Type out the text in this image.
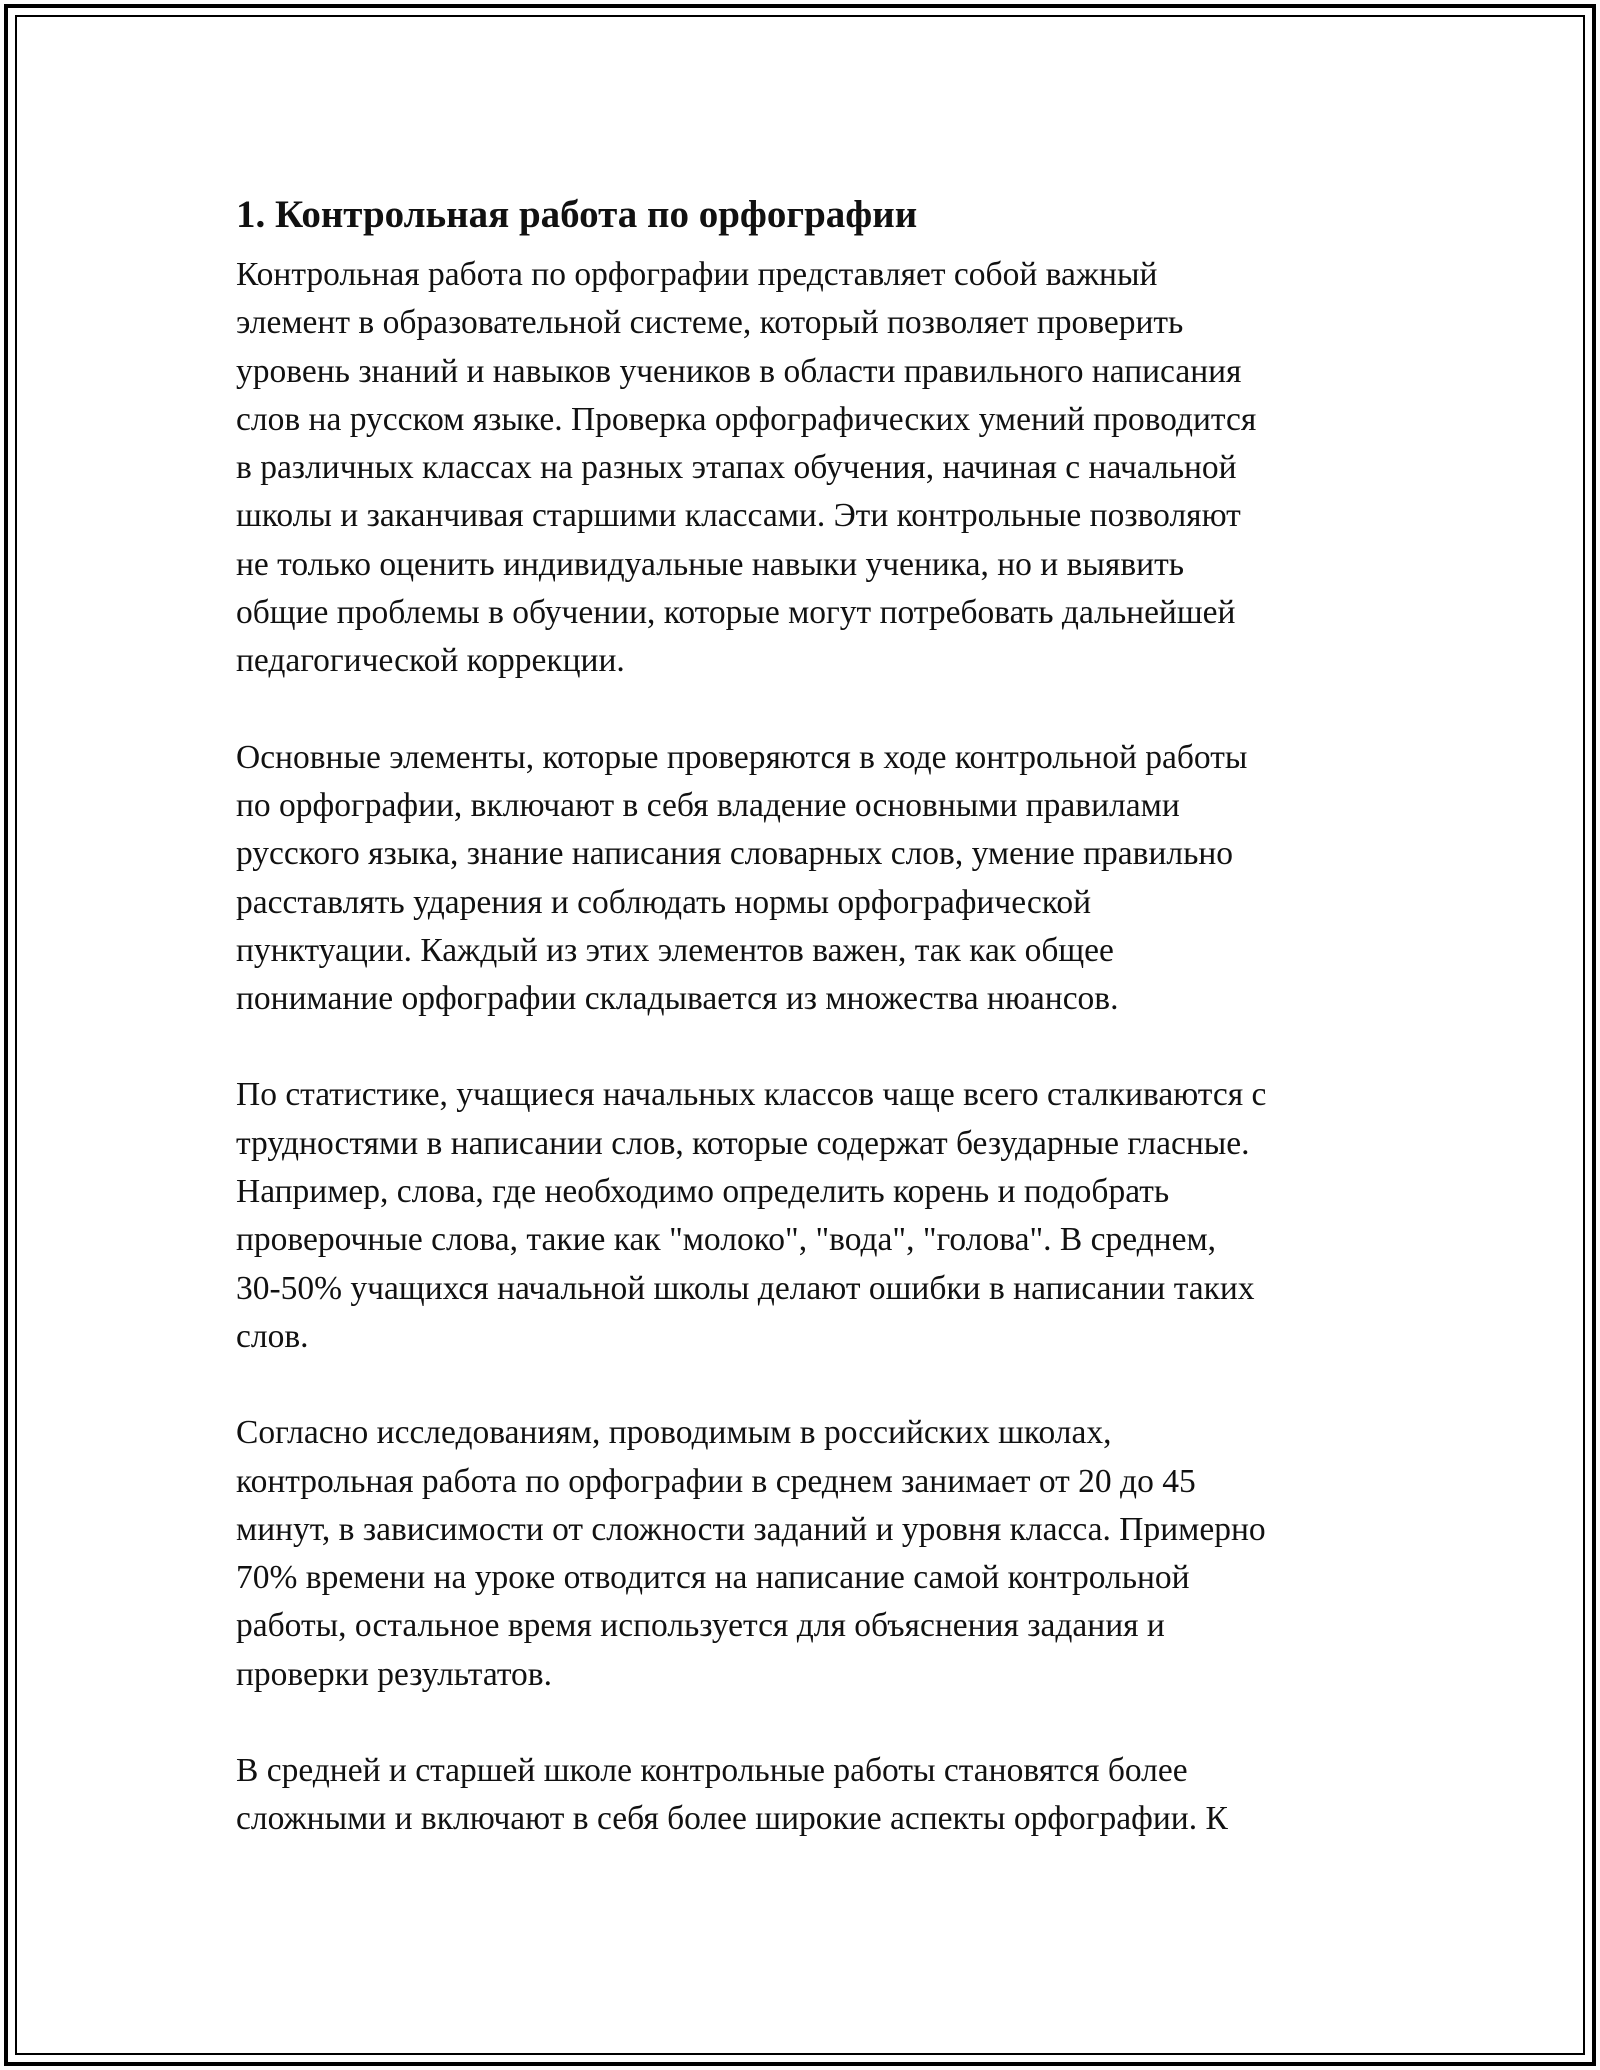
1. Контрольная работа по орфографии
Контрольная работа по орфографии представляет собой важный
элемент в образовательной системе, который позволяет проверить
уровень знаний и навыков учеников в области правильного написания
слов на русском языке. Проверка орфографических умений проводится
в различных классах на разных этапах обучения, начиная с начальной
школы и заканчивая старшими классами. Эти контрольные позволяют
не только оценить индивидуальные навыки ученика, но и выявить
общие проблемы в обучении, которые могут потребовать дальнейшей
педагогической коррекции.
Основные элементы, которые проверяются в ходе контрольной работы
по орфографии, включают в себя владение основными правилами
русского языка, знание написания словарных слов, умение правильно
расставлять ударения и соблюдать нормы орфографической
пунктуации. Каждый из этих элементов важен, так как общее
понимание орфографии складывается из множества нюансов.
По статистике, учащиеся начальных классов чаще всего сталкиваются с
трудностями в написании слов, которые содержат безударные гласные.
Например, слова, где необходимо определить корень и подобрать
проверочные слова, такие как "молоко", "вода", "голова". В среднем,
30-50% учащихся начальной школы делают ошибки в написании таких
слов.
Согласно исследованиям, проводимым в российских школах,
контрольная работа по орфографии в среднем занимает от 20 до 45
минут, в зависимости от сложности заданий и уровня класса. Примерно
70% времени на уроке отводится на написание самой контрольной
работы, остальное время используется для объяснения задания и
проверки результатов.
В средней и старшей школе контрольные работы становятся более
сложными и включают в себя более широкие аспекты орфографии. К
